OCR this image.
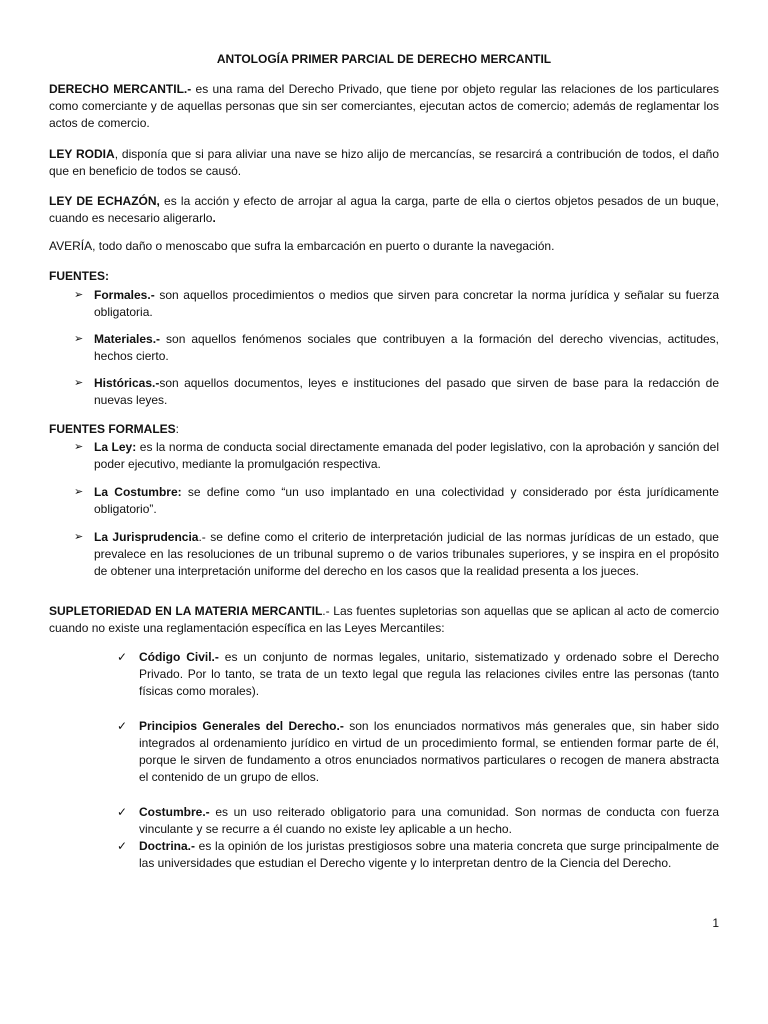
ANTOLOGÍA PRIMER PARCIAL DE DERECHO MERCANTIL

DERECHO MERCANTIL.- es una rama del Derecho Privado, que tiene por objeto regular las relaciones de los particulares como comerciante y de aquellas personas que sin ser comerciantes, ejecutan actos de comercio; además de reglamentar los actos de comercio.

LEY RODIA, disponía que si para aliviar una nave se hizo alijo de mercancías, se resarcirá a contribución de todos, el daño que en beneficio de todos se causó.

LEY DE ECHAZÓN, es la acción y efecto de arrojar al agua la carga, parte de ella o ciertos objetos pesados de un buque, cuando es necesario aligerarlo.

AVERÍA, todo daño o menoscabo que sufra la embarcación en puerto o durante la navegación.

FUENTES:

➢ Formales.- son aquellos procedimientos o medios que sirven para concretar la norma jurídica y señalar su fuerza obligatoria.

➢ Materiales.- son aquellos fenómenos sociales que contribuyen a la formación del derecho vivencias, actitudes, hechos cierto.

➢ Históricas.-son aquellos documentos, leyes e instituciones del pasado que sirven de base para la redacción de nuevas leyes.

FUENTES FORMALES:

➢ La Ley: es la norma de conducta social directamente emanada del poder legislativo, con la aprobación y sanción del poder ejecutivo, mediante la promulgación respectiva.

➢ La Costumbre: se define como “un uso implantado en una colectividad y considerado por ésta jurídicamente obligatorio”.

➢ La Jurisprudencia.- se define como el criterio de interpretación judicial de las normas jurídicas de un estado, que prevalece en las resoluciones de un tribunal supremo o de varios tribunales superiores, y se inspira en el propósito de obtener una interpretación uniforme del derecho en los casos que la realidad presenta a los jueces.

SUPLETORIEDAD EN LA MATERIA MERCANTIL.- Las fuentes supletorias son aquellas que se aplican al acto de comercio cuando no existe una reglamentación específica en las Leyes Mercantiles:

✓ Código Civil.- es un conjunto de normas legales, unitario, sistematizado y ordenado sobre el Derecho Privado. Por lo tanto, se trata de un texto legal que regula las relaciones civiles entre las personas (tanto físicas como morales).

✓ Principios Generales del Derecho.- son los enunciados normativos más generales que, sin haber sido integrados al ordenamiento jurídico en virtud de un procedimiento formal, se entienden formar parte de él, porque le sirven de fundamento a otros enunciados normativos particulares o recogen de manera abstracta el contenido de un grupo de ellos.

✓ Costumbre.- es un uso reiterado obligatorio para una comunidad. Son normas de conducta con fuerza vinculante y se recurre a él cuando no existe ley aplicable a un hecho.

✓ Doctrina.- es la opinión de los juristas prestigiosos sobre una materia concreta que surge principalmente de las universidades que estudian el Derecho vigente y lo interpretan dentro de la Ciencia del Derecho.

1
